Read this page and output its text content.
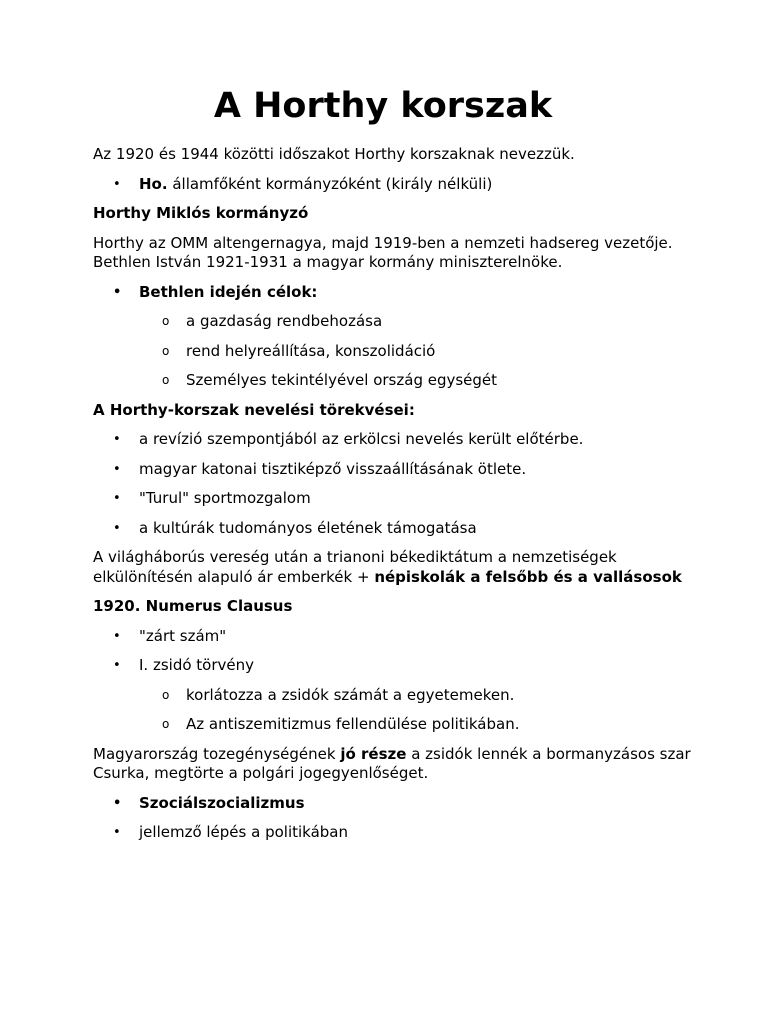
A Horthy korszak

Az 1920 és 1944 közötti időszakot Horthy korszaknak nevezzük.

• Ho. államfőként kormányzóként (király nélküli)

Horthy Miklós kormányzó

Horthy az OMM altengernagya, majd 1919-ben a nemzeti hadsereg vezetője. Bethlen István 1921-1931 a magyar kormány miniszterelnöke.

• Bethlen idején célok:
o a gazdaság rendbehozása
o rend helyreállítása, konszolidáció
o Személyes tekintélyével ország egységét

A Horthy-korszak nevelési törekvései:

• a revízió szempontjából az erkölcsi nevelés került előtérbe.
• magyar katonai tisztiképző visszaállításának ötlete.
• "Turul" sportmozgalom
• a kultúrák tudományos életének támogatása

A világháborús vereség után a trianoni békediktátum a nemzetiségek elkülönítésén alapuló ár emberkék + népiskolák a felsőbb és a vallásosok

1920. Numerus Clausus

• "zárt szám"
• I. zsidó törvény
o korlátozza a zsidók számát a egyetemeken.
o Az antiszemitizmus fellendülése politikában.

Magyarország tozegénységének jó része a zsidók lennék a bormanyzásos szar
Csurka, megtörte a polgári jogegyenlőséget.

• Szociálszocializmus
• jellemző lépés a politikában
